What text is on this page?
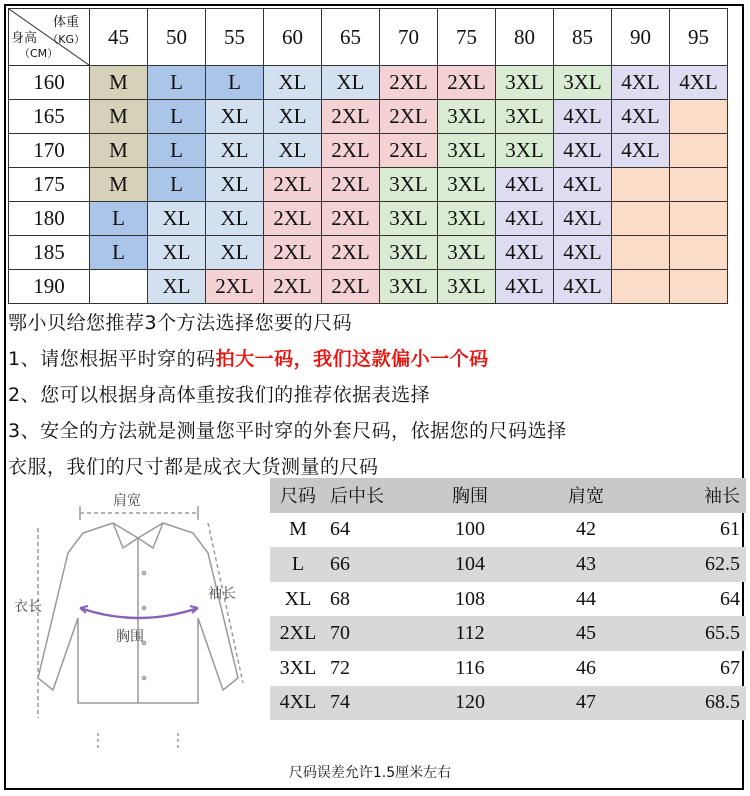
体重
（KG）
身高
（CM）	45	50	55	60	65	70	75	80	85	90	95
160	M	L	L	XL	XL	2XL	2XL	3XL	3XL	4XL	4XL
165	M	L	XL	XL	2XL	2XL	3XL	3XL	4XL	4XL	
170	M	L	XL	XL	2XL	2XL	3XL	3XL	4XL	4XL	
175	M	L	XL	2XL	2XL	3XL	3XL	4XL	4XL		
180	L	XL	XL	2XL	2XL	3XL	3XL	4XL	4XL		
185	L	XL	XL	2XL	2XL	3XL	3XL	4XL	4XL		
190		XL	2XL	2XL	2XL	3XL	3XL	4XL	4XL		
鄂小贝给您推荐3个方法选择您要的尺码
1、请您根据平时穿的码拍大一码，我们这款偏小一个码
2、您可以根据身高体重按我们的推荐依据表选择
3、安全的方法就是测量您平时穿的外套尺码，依据您的尺码选择
衣服，我们的尺寸都是成衣大货测量的尺码
肩宽
衣长
袖长
胸围
尺码	后中长	胸围	肩宽	袖长
M	64	100	42	61
L	66	104	43	62.5
XL	68	108	44	64
2XL	70	112	45	65.5
3XL	72	116	46	67
4XL	74	120	47	68.5
尺码误差允许1.5厘米左右
